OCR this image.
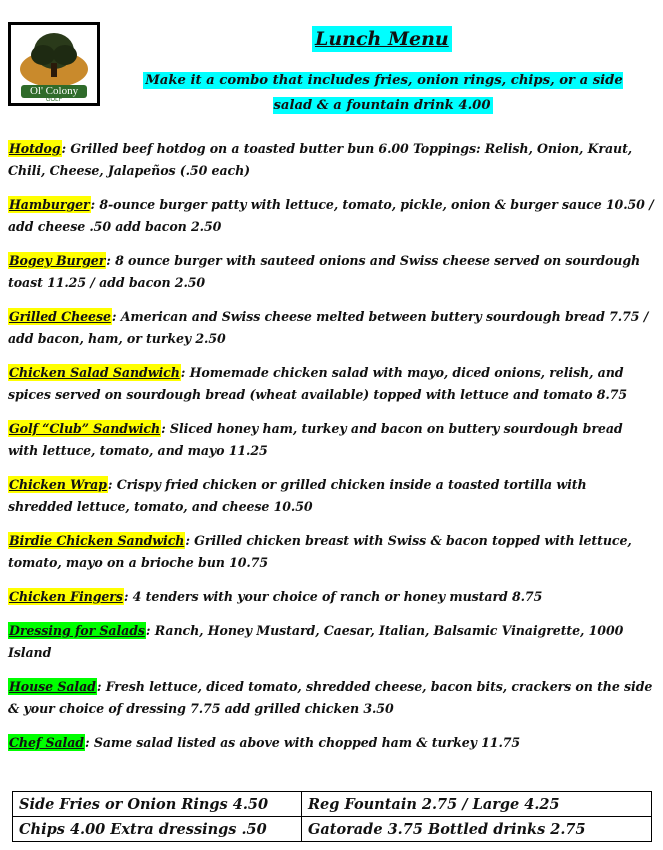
Ol' Colony
GOLF
Lunch Menu
Make it a combo that includes fries, onion rings, chips, or a side salad & a fountain drink 4.00
Hotdog: Grilled beef hotdog on a toasted butter bun 6.00 Toppings: Relish, Onion, Kraut, Chili, Cheese, Jalapeños (.50 each)
Hamburger: 8-ounce burger patty with lettuce, tomato, pickle, onion & burger sauce 10.50 / add cheese .50 add bacon 2.50
Bogey Burger: 8 ounce burger with sauteed onions and Swiss cheese served on sourdough toast 11.25 / add bacon 2.50
Grilled Cheese: American and Swiss cheese melted between buttery sourdough bread 7.75 / add bacon, ham, or turkey 2.50
Chicken Salad Sandwich: Homemade chicken salad with mayo, diced onions, relish, and spices served on sourdough bread (wheat available) topped with lettuce and tomato 8.75
Golf “Club” Sandwich: Sliced honey ham, turkey and bacon on buttery sourdough bread with lettuce, tomato, and mayo 11.25
Chicken Wrap: Crispy fried chicken or grilled chicken inside a toasted tortilla with shredded lettuce, tomato, and cheese 10.50
Birdie Chicken Sandwich: Grilled chicken breast with Swiss & bacon topped with lettuce, tomato, mayo on a brioche bun 10.75
Chicken Fingers: 4 tenders with your choice of ranch or honey mustard 8.75
Dressing for Salads: Ranch, Honey Mustard, Caesar, Italian, Balsamic Vinaigrette, 1000 Island
House Salad: Fresh lettuce, diced tomato, shredded cheese, bacon bits, crackers on the side & your choice of dressing 7.75 add grilled chicken 3.50
Chef Salad: Same salad listed as above with chopped ham & turkey 11.75
Side Fries or Onion Rings 4.50	Reg Fountain 2.75 / Large 4.25
Chips 4.00 Extra dressings .50	Gatorade 3.75 Bottled drinks 2.75
